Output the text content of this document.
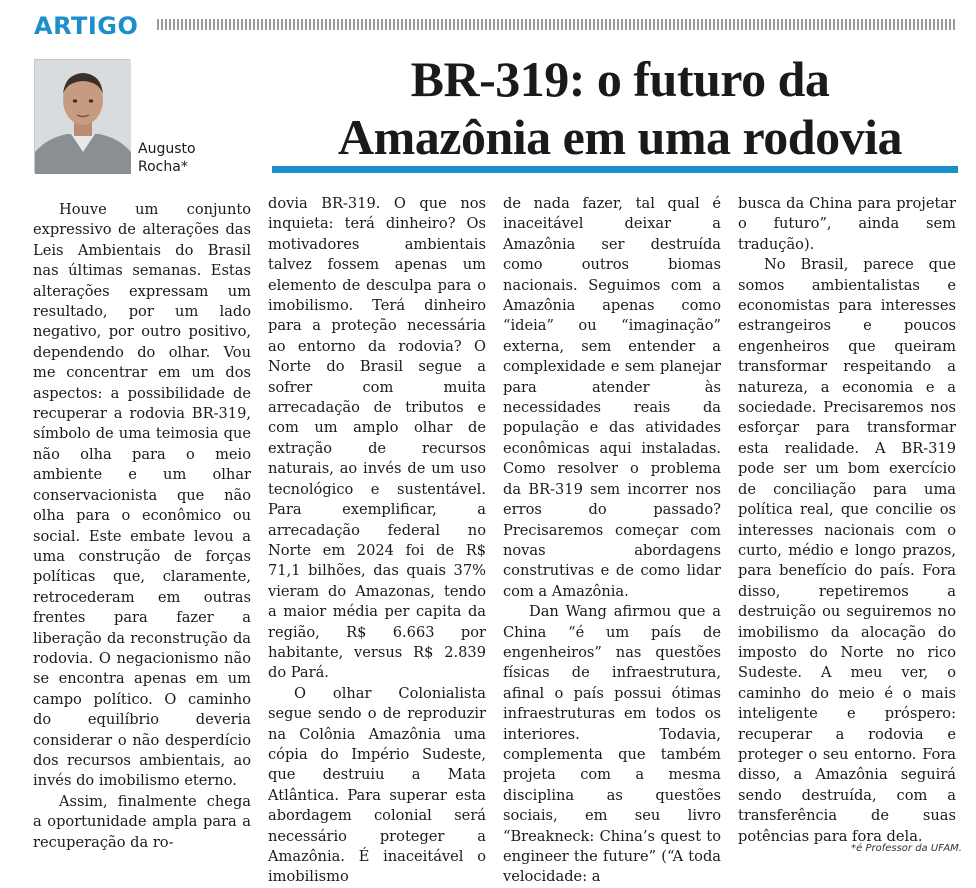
ARTIGO
Augusto
Rocha*
BR-319: o futuro da
Amazônia em uma rodovia

Houve um conjunto expressivo de alterações das Leis Ambientais do Brasil nas últimas semanas. Estas alterações expressam um resultado, por um lado negativo, por outro positivo, dependendo do olhar. Vou me concentrar em um dos aspectos: a possibilidade de recuperar a rodovia BR-319, símbolo de uma teimosia que não olha para o meio ambiente e um olhar conservacionista que não olha para o econômico ou social. Este embate levou a uma construção de forças políticas que, claramente, retrocederam em outras frentes para fazer a liberação da reconstrução da rodovia. O negacionismo não se encontra apenas em um campo político. O caminho do equilíbrio deveria considerar o não desperdício dos recursos ambientais, ao invés do imobilismo eterno.

Assim, finalmente chega a oportunidade ampla para a recuperação da ro-

dovia BR-319. O que nos inquieta: terá dinheiro? Os motivadores ambientais talvez fossem apenas um elemento de desculpa para o imobilismo. Terá dinheiro para a proteção necessária ao entorno da rodovia? O Norte do Brasil segue a sofrer com muita arrecadação de tributos e com um amplo olhar de extração de recursos naturais, ao invés de um uso tecnológico e sustentável. Para exemplificar, a arrecadação federal no Norte em 2024 foi de R$ 71,1 bilhões, das quais 37% vieram do Amazonas, tendo a maior média per capita da região, R$ 6.663 por habitante, versus R$ 2.839 do Pará.

O olhar Colonialista segue sendo o de reproduzir na Colônia Amazônia uma cópia do Império Sudeste, que destruiu a Mata Atlântica. Para superar esta abordagem colonial será necessário proteger a Amazônia. É inaceitável o imobilismo

de nada fazer, tal qual é inaceitável deixar a Amazônia ser destruída como outros biomas nacionais. Seguimos com a Amazônia apenas como “ideia” ou “imaginação” externa, sem entender a complexidade e sem planejar para atender às necessidades reais da população e das atividades econômicas aqui instaladas. Como resolver o problema da BR-319 sem incorrer nos erros do passado? Precisaremos começar com novas abordagens construtivas e de como lidar com a Amazônia.

Dan Wang afirmou que a China “é um país de engenheiros” nas questões físicas de infraestrutura, afinal o país possui ótimas infraestruturas em todos os interiores. Todavia, complementa que também projeta com a mesma disciplina as questões sociais, em seu livro “Breakneck: China’s quest to engineer the future” (“A toda velocidade: a

busca da China para projetar o futuro”, ainda sem tradução).

No Brasil, parece que somos ambientalistas e economistas para interesses estrangeiros e poucos engenheiros que queiram transformar respeitando a natureza, a economia e a sociedade. Precisaremos nos esforçar para transformar esta realidade. A BR-319 pode ser um bom exercício de conciliação para uma política real, que concilie os interesses nacionais com o curto, médio e longo prazos, para benefício do país. Fora disso, repetiremos a destruição ou seguiremos no imobilismo da alocação do imposto do Norte no rico Sudeste. A meu ver, o caminho do meio é o mais inteligente e próspero: recuperar a rodovia e proteger o seu entorno. Fora disso, a Amazônia seguirá sendo destruída, com a transferência de suas potências para fora dela.

*é Professor da UFAM.
